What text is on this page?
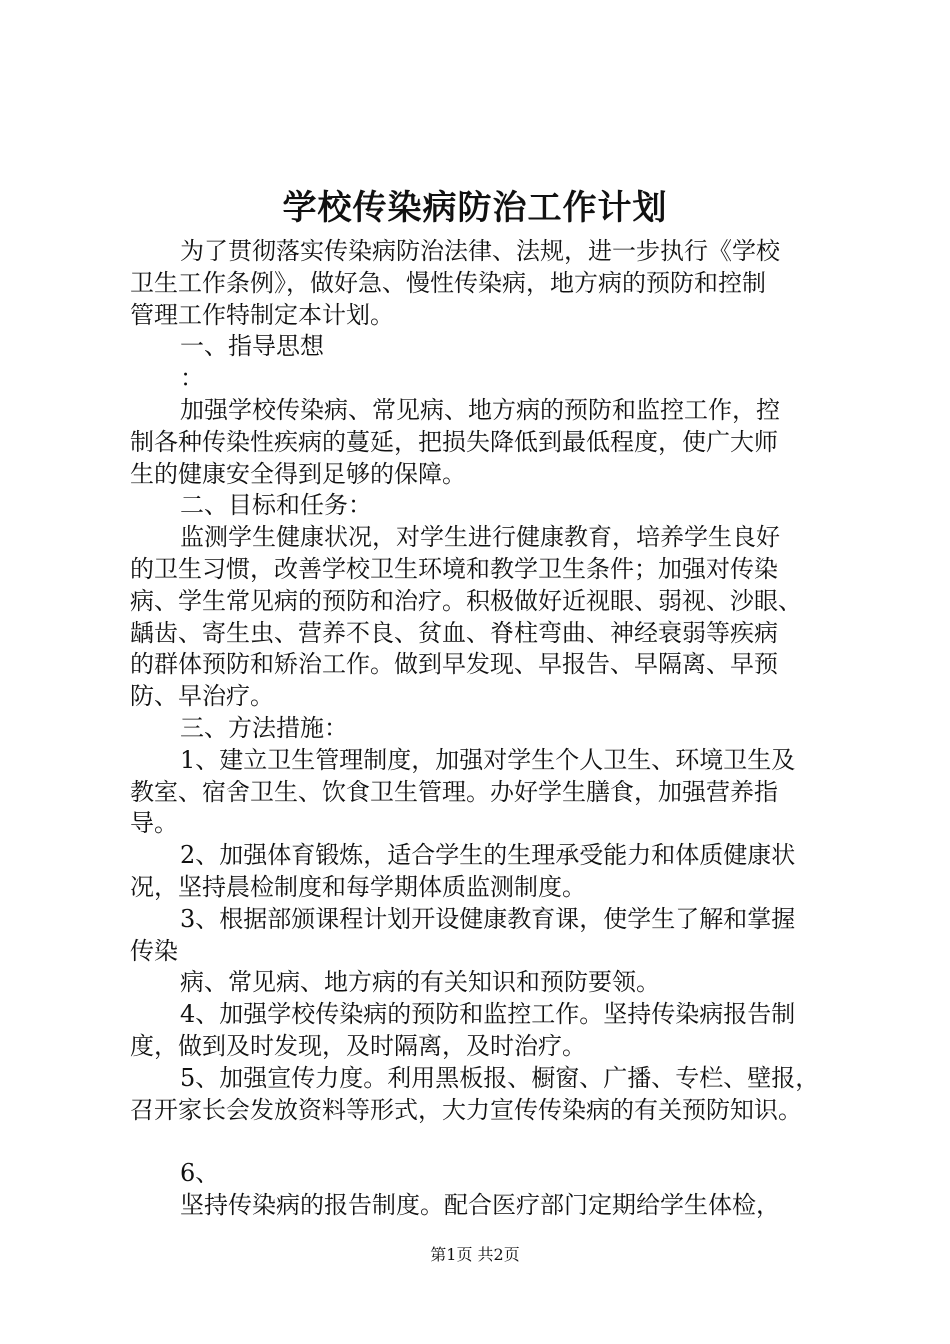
学校传染病防治工作计划
为了贯彻落实传染病防治法律、法规，进一步执行《学校
卫生工作条例》，做好急、慢性传染病，地方病的预防和控制
管理工作特制定本计划。
一、指导思想
：
加强学校传染病、常见病、地方病的预防和监控工作，控
制各种传染性疾病的蔓延，把损失降低到最低程度，使广大师
生的健康安全得到足够的保障。
二、目标和任务：
监测学生健康状况，对学生进行健康教育，培养学生良好
的卫生习惯，改善学校卫生环境和教学卫生条件；加强对传染
病、学生常见病的预防和治疗。积极做好近视眼、弱视、沙眼、
龋齿、寄生虫、营养不良、贫血、脊柱弯曲、神经衰弱等疾病
的群体预防和矫治工作。做到早发现、早报告、早隔离、早预
防、早治疗。
三、方法措施：
1、建立卫生管理制度，加强对学生个人卫生、环境卫生及
教室、宿舍卫生、饮食卫生管理。办好学生膳食，加强营养指
导。
2、加强体育锻炼，适合学生的生理承受能力和体质健康状
况，坚持晨检制度和每学期体质监测制度。
3、根据部颁课程计划开设健康教育课，使学生了解和掌握
传染
病、常见病、地方病的有关知识和预防要领。
4、加强学校传染病的预防和监控工作。坚持传染病报告制
度，做到及时发现，及时隔离，及时治疗。
5、加强宣传力度。利用黑板报、橱窗、广播、专栏、壁报，
召开家长会发放资料等形式，大力宣传传染病的有关预防知识。
6、
坚持传染病的报告制度。配合医疗部门定期给学生体检，
第1页 共2页
